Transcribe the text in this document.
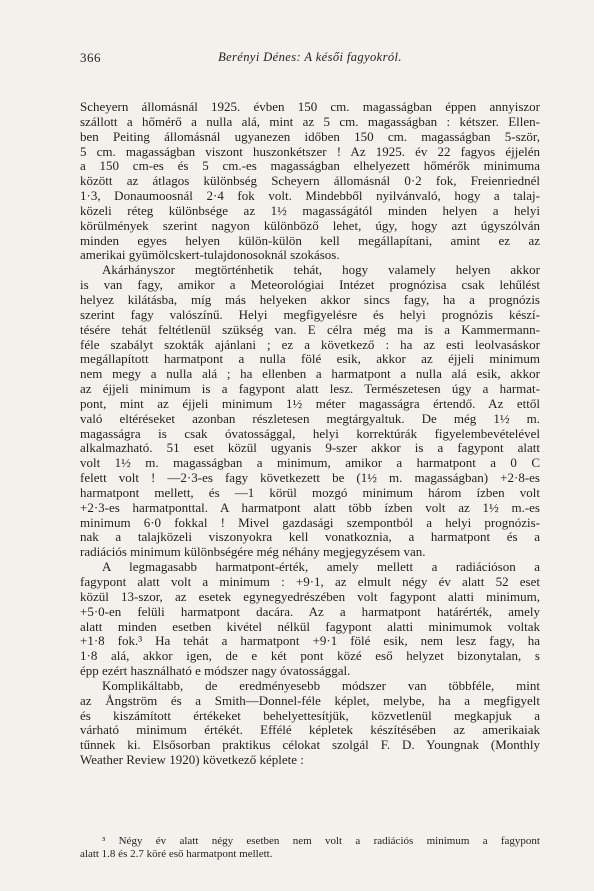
366	Berényi Dénes: A késői fagyokról.
Scheyern állomásnál 1925. évben 150 cm. magasságban éppen annyiszor
szállott a hőmérő a nulla alá, mint az 5 cm. magasságban : kétszer. Ellen-
ben Peiting állomásnál ugyanezen időben 150 cm. magasságban 5-ször,
5 cm. magasságban viszont huszonkétszer ! Az 1925. év 22 fagyos éjjelén
a 150 cm-es és 5 cm.-es magasságban elhelyezett hőmérők minimuma
között az átlagos különbség Scheyern állomásnál 0·2 fok, Freienriednél
1·3, Donaumoosnál 2·4 fok volt. Mindebből nyilvánvaló, hogy a talaj-
közeli réteg különbsége az 1½ magasságától minden helyen a helyi
körülmények szerint nagyon különböző lehet, úgy, hogy azt úgyszólván
minden egyes helyen külön-külön kell megállapítani, amint ez az
amerikai gyümölcskert-tulajdonosoknál szokásos.
Akárhányszor megtörténhetik tehát, hogy valamely helyen akkor
is van fagy, amikor a Meteorológiai Intézet prognózisa csak lehűlést
helyez kilátásba, míg más helyeken akkor sincs fagy, ha a prognózis
szerint fagy valószínű. Helyi megfigyelésre és helyi prognózis készí-
tésére tehát feltétlenül szükség van. E célra még ma is a Kammermann-
féle szabályt szokták ajánlani ; ez a következő : ha az esti leolvasáskor
megállapított harmatpont a nulla fölé esik, akkor az éjjeli minimum
nem megy a nulla alá ; ha ellenben a harmatpont a nulla alá esik, akkor
az éjjeli minimum is a fagypont alatt lesz. Természetesen úgy a harmat-
pont, mint az éjjeli minimum 1½ méter magasságra értendő. Az ettől
való eltéréseket azonban részletesen megtárgyaltuk. De még 1½ m.
magasságra is csak óvatossággal, helyi korrektúrák figyelembevételével
alkalmazható. 51 eset közül ugyanis 9-szer akkor is a fagypont alatt
volt 1½ m. magasságban a minimum, amikor a harmatpont a 0 C
felett volt ! —2·3-es fagy következett be (1½ m. magasságban) +2·8-es
harmatpont mellett, és —1 körül mozgó minimum három ízben volt
+2·3-es harmatponttal. A harmatpont alatt több ízben volt az 1½ m.-es
minimum 6·0 fokkal ! Mivel gazdasági szempontból a helyi prognózis-
nak a talajközeli viszonyokra kell vonatkoznia, a harmatpont és a
radiációs minimum különbségére még néhány megjegyzésem van.
A legmagasabb harmatpont-érték, amely mellett a radiációson a
fagypont alatt volt a minimum : +9·1, az elmult négy év alatt 52 eset
közül 13-szor, az esetek egynegyedrészében volt fagypont alatti minimum,
+5·0-en felüli harmatpont dacára. Az a harmatpont határérték, amely
alatt minden esetben kivétel nélkül fagypont alatti minimumok voltak
+1·8 fok.³ Ha tehát a harmatpont +9·1 fölé esik, nem lesz fagy, ha
1·8 alá, akkor igen, de e két pont közé eső helyzet bizonytalan, s
épp ezért használható e módszer nagy óvatossággal.
Komplikáltabb, de eredményesebb módszer van többféle, mint
az Ångström és a Smith—Donnel-féle képlet, melybe, ha a megfigyelt
és kiszámított értékeket behelyettesítjük, közvetlenül megkapjuk a
várható minimum értékét. Effélé képletek készítésében az amerikaiak
tűnnek ki. Elsősorban praktikus célokat szolgál F. D. Youngnak (Monthly
Weather Review 1920) következő képlete :
³ Négy év alatt négy esetben nem volt a radiációs minimum a fagypont
alatt 1.8 és 2.7 köré eső harmatpont mellett.
